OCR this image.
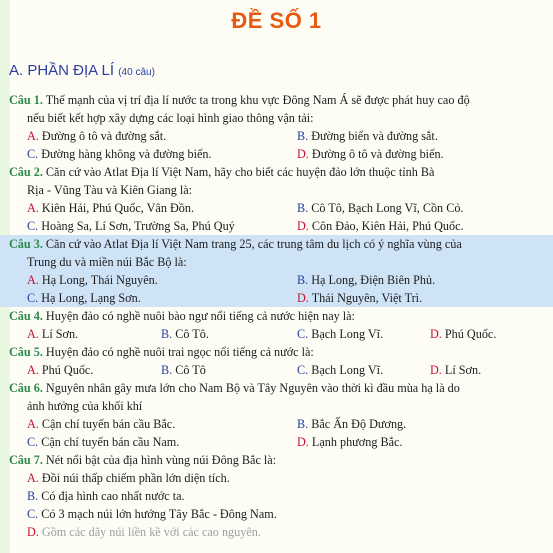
ĐỀ SỐ 1
A. PHẦN ĐỊA LÍ (40 câu)
Câu 1. Thế mạnh của vị trí địa lí nước ta trong khu vực Đông Nam Á sẽ được phát huy cao độ
nếu biết kết hợp xây dựng các loại hình giao thông vận tải:
A. Đường ô tô và đường sắt.	B. Đường biển và đường sắt.
C. Đường hàng không và đường biển.	D. Đường ô tô và đường biển.
Câu 2. Căn cứ vào Atlat Địa lí Việt Nam, hãy cho biết các huyện đảo lớn thuộc tỉnh Bà
Rịa - Vũng Tàu và Kiên Giang là:
A. Kiên Hải, Phú Quốc, Vân Đồn.	B. Cô Tô, Bạch Long Vĩ, Cồn Cỏ.
C. Hoàng Sa, Lí Sơn, Trường Sa, Phú Quý	D. Côn Đảo, Kiên Hải, Phú Quốc.
Câu 3. Căn cứ vào Atlat Địa lí Việt Nam trang 25, các trung tâm du lịch có ý nghĩa vùng của
Trung du và miền núi Bắc Bộ là:
A. Hạ Long, Thái Nguyên.	B. Hạ Long, Điện Biên Phủ.
C. Hạ Long, Lạng Sơn.	D. Thái Nguyên, Việt Trì.
Câu 4. Huyện đảo có nghề nuôi bào ngư nổi tiếng cả nước hiện nay là:
A. Lí Sơn.	B. Cô Tô.	C. Bạch Long Vĩ.	D. Phú Quốc.
Câu 5. Huyện đảo có nghề nuôi trai ngọc nổi tiếng cả nước là:
A. Phú Quốc.	B. Cô Tô	C. Bạch Long Vĩ.	D. Lí Sơn.
Câu 6. Nguyên nhân gây mưa lớn cho Nam Bộ và Tây Nguyên vào thời kì đầu mùa hạ là do
ảnh hưởng của khối khí
A. Cận chí tuyến bán cầu Bắc.	B. Bắc Ấn Độ Dương.
C. Cận chí tuyến bán cầu Nam.	D. Lạnh phương Bắc.
Câu 7. Nét nổi bật của địa hình vùng núi Đông Bắc là:
A. Đồi núi thấp chiếm phần lớn diện tích.
B. Có địa hình cao nhất nước ta.
C. Có 3 mạch núi lớn hướng Tây Bắc - Đông Nam.
D. Gồm các dãy núi liền kề với các cao nguyên.
